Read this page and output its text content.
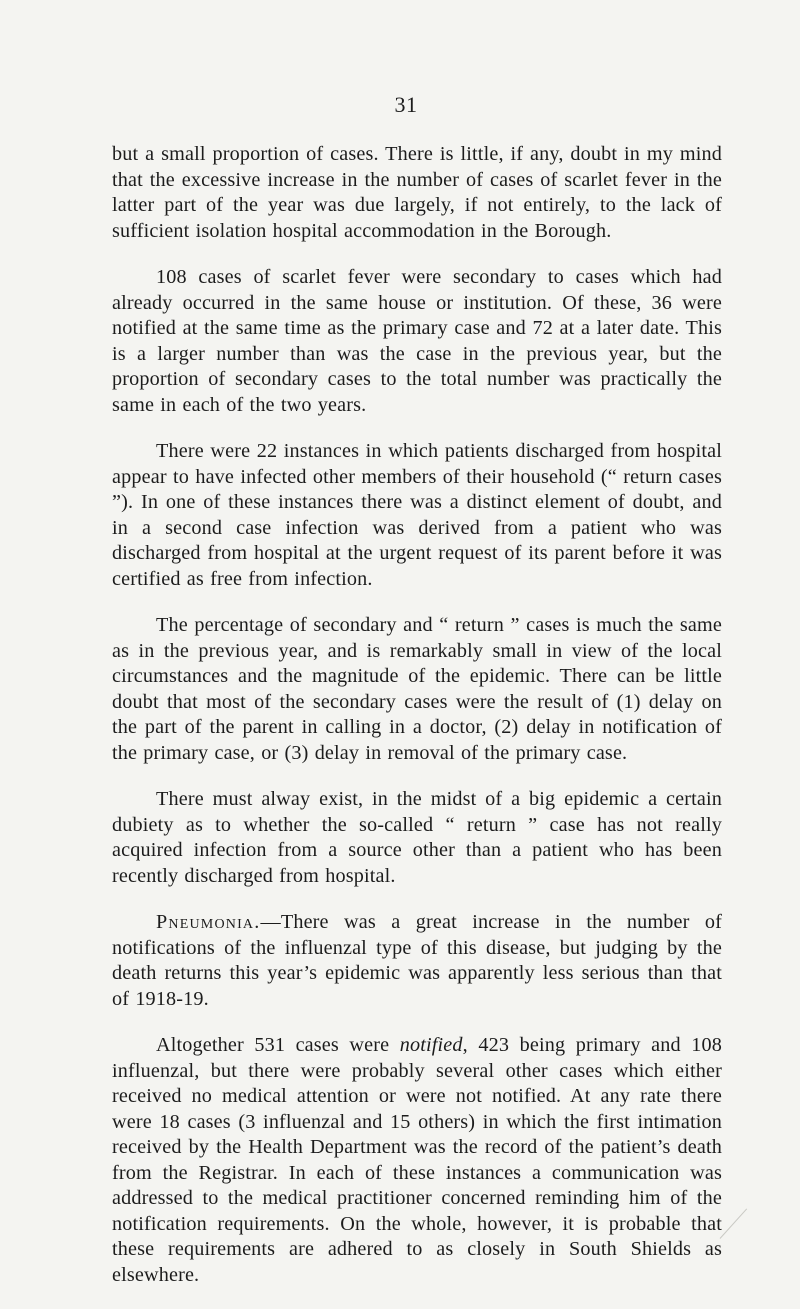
31

but a small proportion of cases. There is little, if any, doubt in my mind that the excessive increase in the number of cases of scarlet fever in the latter part of the year was due largely, if not entirely, to the lack of sufficient isolation hospital accommodation in the Borough.

108 cases of scarlet fever were secondary to cases which had already occurred in the same house or institution. Of these, 36 were notified at the same time as the primary case and 72 at a later date. This is a larger number than was the case in the previous year, but the proportion of secondary cases to the total number was practically the same in each of the two years.

There were 22 instances in which patients discharged from hospital appear to have infected other members of their household (“ return cases ”). In one of these instances there was a distinct element of doubt, and in a second case infection was derived from a patient who was discharged from hospital at the urgent request of its parent before it was certified as free from infection.

The percentage of secondary and “ return ” cases is much the same as in the previous year, and is remarkably small in view of the local circumstances and the magnitude of the epidemic. There can be little doubt that most of the secondary cases were the result of (1) delay on the part of the parent in calling in a doctor, (2) delay in notification of the primary case, or (3) delay in removal of the primary case.

There must alway exist, in the midst of a big epidemic a certain dubiety as to whether the so-called “ return ” case has not really acquired infection from a source other than a patient who has been recently discharged from hospital.

Pneumonia.—There was a great increase in the number of notifications of the influenzal type of this disease, but judging by the death returns this year’s epidemic was apparently less serious than that of 1918-19.

Altogether 531 cases were notified, 423 being primary and 108 influenzal, but there were probably several other cases which either received no medical attention or were not notified. At any rate there were 18 cases (3 influenzal and 15 others) in which the first intimation received by the Health Department was the record of the patient’s death from the Registrar. In each of these instances a communication was addressed to the medical practitioner concerned reminding him of the notification requirements. On the whole, however, it is probable that these requirements are adhered to as closely in South Shields as elsewhere.
